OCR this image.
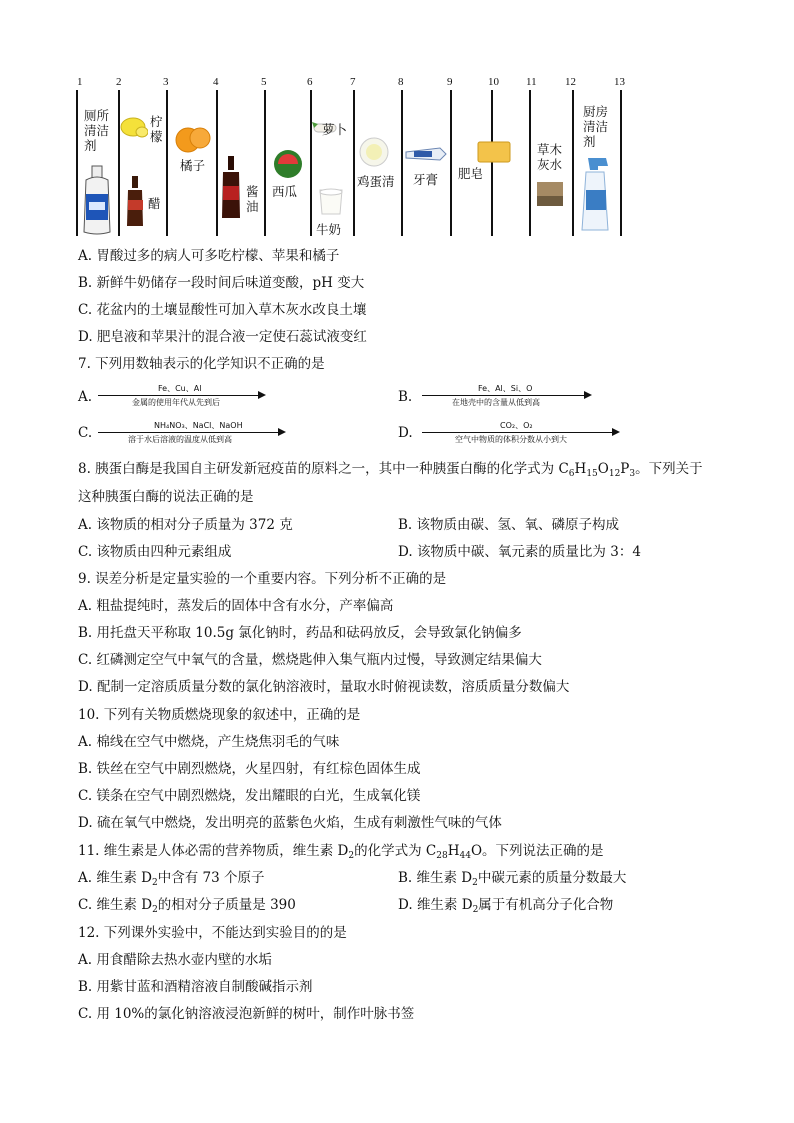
1	2	3	4	5	6	7	8	9	10 11	12	13
厕所清洁剂
柠檬
醋
橘子
酱油
西瓜
萝卜
牛奶
鸡蛋清 牙膏 肥皂
草木灰水
厨房清洁剂
A. 胃酸过多的病人可多吃柠檬、苹果和橘子
B. 新鲜牛奶储存一段时间后味道变酸，pH 变大
C. 花盆内的土壤显酸性可加入草木灰水改良土壤
D. 肥皂液和苹果汁的混合液一定使石蕊试液变红
7. 下列用数轴表示的化学知识不正确的是
A.
Fe、Cu、Al
金属的使用年代从先到后	B.
Fe、Al、Si、O
在地壳中的含量从低到高
C.	NH₄NO₃、NaCl、NaOH
溶于水后溶液的温度从低到高	D.	CO₂、O₂
空气中物质的体积分数从小到大
8. 胰蛋白酶是我国自主研发新冠疫苗的原料之一，其中一种胰蛋白酶的化学式为 $C_6H_{15}O_{12}P_3$。下列关于
这种胰蛋白酶的说法正确的是
A. 该物质的相对分子质量为 372 克	B. 该物质由碳、氢、氧、磷原子构成
C. 该物质由四种元素组成	D. 该物质中碳、氧元素的质量比为 3：4
9. 误差分析是定量实验的一个重要内容。下列分析不正确的是
A. 粗盐提纯时，蒸发后的固体中含有水分，产率偏高
B. 用托盘天平称取 10.5g 氯化钠时，药品和砝码放反，会导致氯化钠偏多
C. 红磷测定空气中氧气的含量，燃烧匙伸入集气瓶内过慢，导致测定结果偏大
D. 配制一定溶质质量分数的氯化钠溶液时，量取水时俯视读数，溶质质量分数偏大
10. 下列有关物质燃烧现象的叙述中，正确的是
A. 棉线在空气中燃烧，产生烧焦羽毛的气味
B. 铁丝在空气中剧烈燃烧，火星四射，有红棕色固体生成
C. 镁条在空气中剧烈燃烧，发出耀眼的白光，生成氧化镁
D. 硫在氧气中燃烧，发出明亮的蓝紫色火焰，生成有刺激性气味的气体
11. 维生素是人体必需的营养物质，维生素 $D_2$的化学式为 $C_{28}H_{44}O$。下列说法正确的是
A. 维生素 $D_2$中含有 73 个原子	B. 维生素 $D_2$中碳元素的质量分数最大
C. 维生素 $D_2$的相对分子质量是 390	D. 维生素 $D_2$属于有机高分子化合物
12. 下列课外实验中，不能达到实验目的的是
A. 用食醋除去热水壶内壁的水垢
B. 用紫甘蓝和酒精溶液自制酸碱指示剂
C. 用 10%的氯化钠溶液浸泡新鲜的树叶，制作叶脉书签
